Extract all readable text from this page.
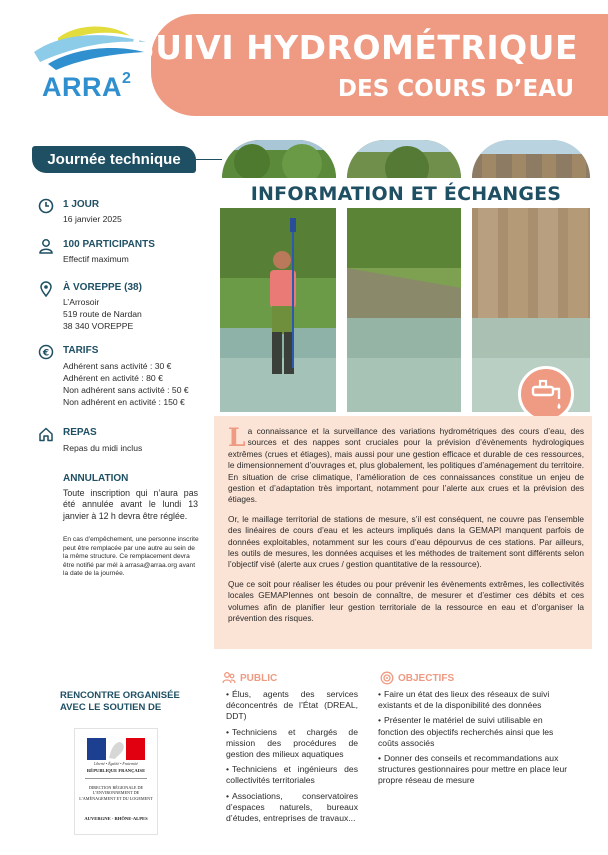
ARRA$^2$
SUIVI HYDROMÉTRIQUE
DES COURS D’EAU
Journée technique
1 JOUR
16 janvier 2025
100 PARTICIPANTS
Effectif maximum
À VOREPPE (38)
L’Arrosoir
519 route de Nardan
38 340 VOREPPE
€ TARIFS
Adhérent sans activité : 30 €
Adhérent en activité : 80 €
Non adhérent sans activité : 50 €
Non adhérent en activité : 150 €
REPAS
Repas du midi inclus
ANNULATION
Toute inscription qui n’aura pas été annulée avant le lundi 13 janvier à 12 h devra être réglée.
En cas d’empêchement, une personne inscrite peut être remplacée par une autre au sein de la même structure. Ce remplacement devra être notifié par mél à arrasa@arraa.org avant la date de la journée.
RENCONTRE ORGANISÉE AVEC LE SOUTIEN DE
Liberté • Égalité • Fraternité
RÉPUBLIQUE FRANÇAISE
DIRECTION RÉGIONALE DE L’ENVIRONNEMENT DE L’AMÉNAGEMENT ET DU LOGEMENT
AUVERGNE - RHÔNE-ALPES
INFORMATION ET ÉCHANGES

La connaissance et la surveillance des variations hydrométriques des cours d’eau, des sources et des nappes sont cruciales pour la prévision d’évènements hydrologiques extrêmes (crues et étiages), mais aussi pour une gestion efficace et durable de ces ressources, le dimensionnement d’ouvrages et, plus globalement, les politiques d’aménagement du territoire. En situation de crise climatique, l’amélioration de ces connaissances constitue un enjeu de gestion et d’adaptation très important, notamment pour l’alerte aux crues et la prévision des étiages.

Or, le maillage territorial de stations de mesure, s’il est conséquent, ne couvre pas l’ensemble des linéaires de cours d’eau et les acteurs impliqués dans la GEMAPI manquent parfois de données exploitables, notamment sur les cours d’eau dépourvus de ces stations. Par ailleurs, les outils de mesures, les données acquises et les méthodes de traitement sont différents selon l’objectif visé (alerte aux crues / gestion quantitative de la ressource).

Que ce soit pour réaliser les études ou pour prévenir les évènements extrêmes, les collectivités locales GEMAPIennes ont besoin de connaître, de mesurer et d’estimer ces débits et ces volumes afin de planifier leur gestion territoriale de la ressource en eau et d’organiser la prévention des risques.

PUBLIC
• Élus, agents des services déconcentrés de l’État (DREAL, DDT)
• Techniciens et chargés de mission des procédures de gestion des milieux aquatiques
• Techniciens et ingénieurs des collectivités territoriales
• Associations, conservatoires d’espaces naturels, bureaux d’études, entreprises de travaux...
OBJECTIFS
• Faire un état des lieux des réseaux de suivi existants et de la disponibilité des données
• Présenter le matériel de suivi utilisable en fonction des objectifs recherchés ainsi que les coûts associés
• Donner des conseils et recommandations aux structures gestionnaires pour mettre en place leur propre réseau de mesure
